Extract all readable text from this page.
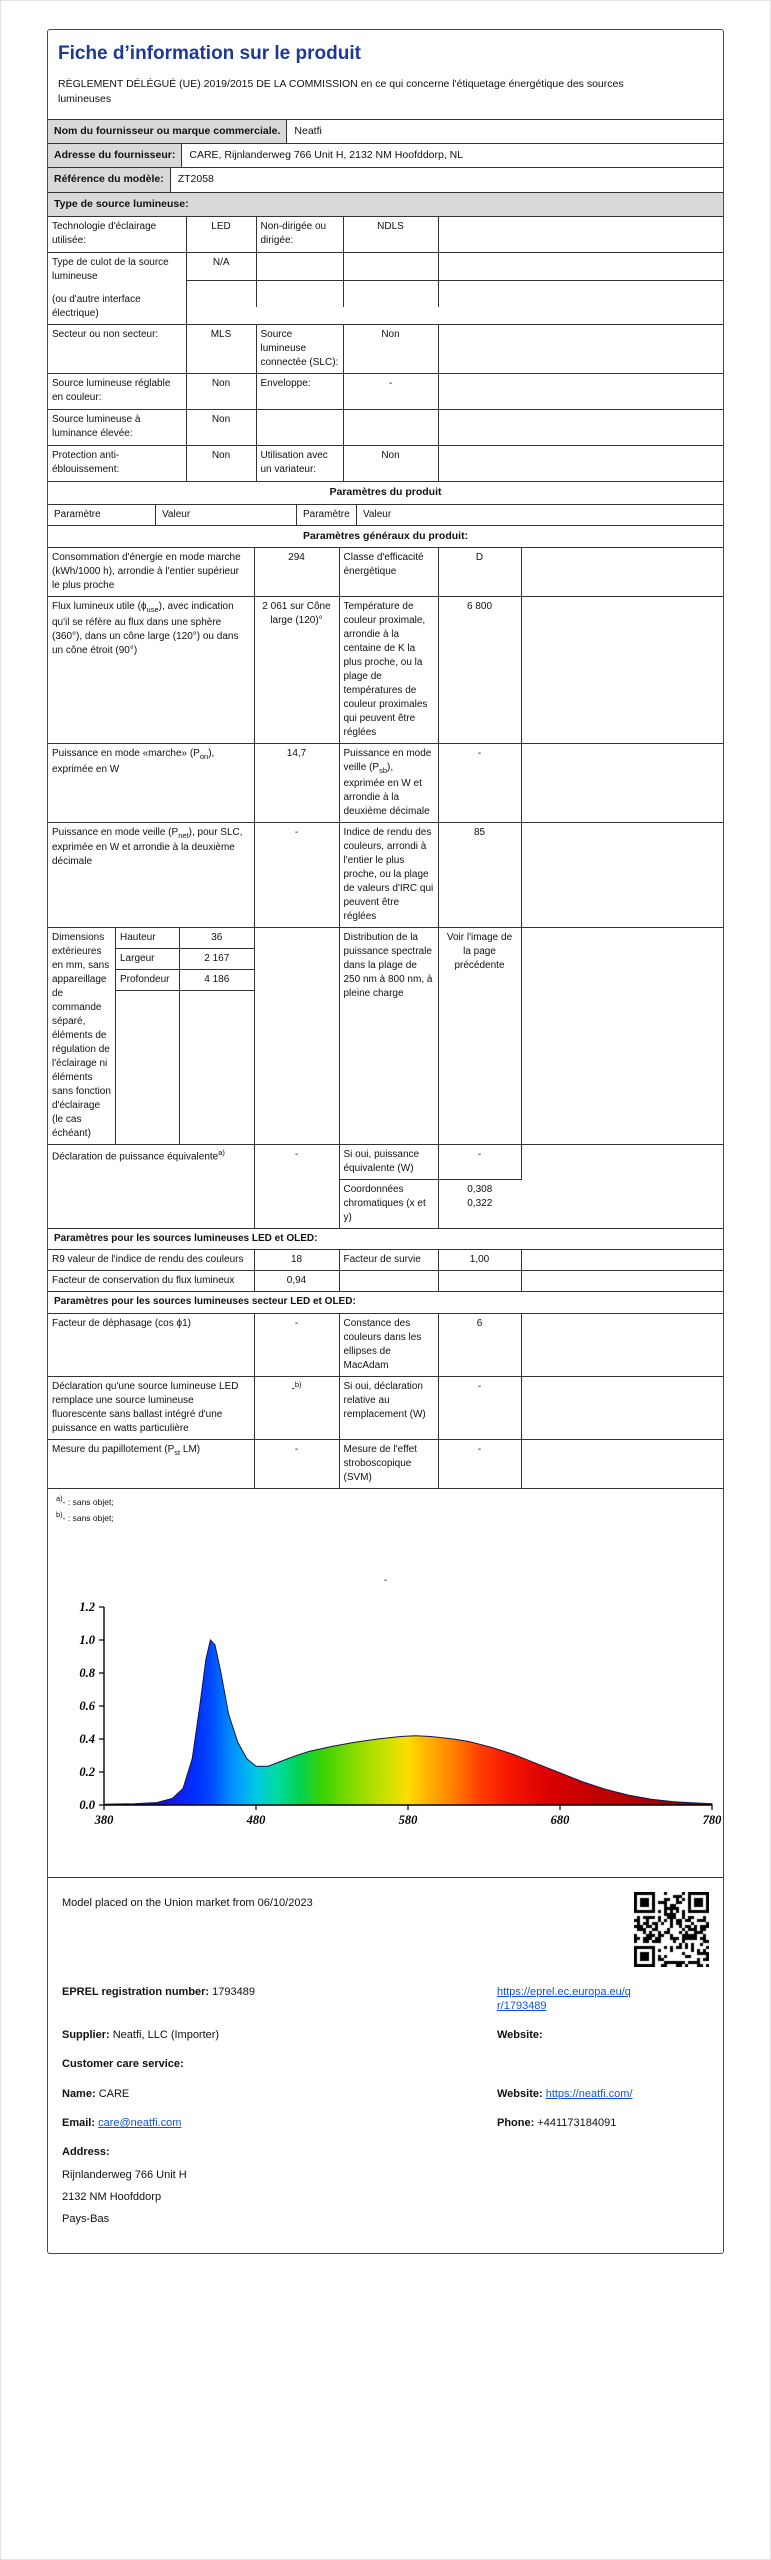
Fiche d’information sur le produit
RÈGLEMENT DÉLÉGUÉ (UE) 2019/2015 DE LA COMMISSION en ce qui concerne l'étiquetage énergétique des sources lumineuses
Nom du fournisseur ou marque commerciale.	Neatfi
Adresse du fournisseur:	CARE, Rijnlanderweg 766 Unit H, 2132 NM Hoofddorp, NL
Référence du modèle:	ZT2058
Type de source lumineuse:
Technologie d'éclairage utilisée:	LED	Non-dirigée ou dirigée:	NDLS	

Type de culot de la source lumineuse
(ou d'autre interface électrique)

N/A			

Secteur ou non secteur:	MLS	Source lumineuse connectée (SLC):	Non	
Source lumineuse réglable en couleur:	Non	Enveloppe:	-	
Source lumineuse à luminance élevée:	Non			
Protection anti-éblouissement:	Non	Utilisation avec un variateur:	Non	
Paramètres du produit
Paramètre	Valeur	Paramètre	Valeur
Paramètres généraux du produit:
Consommation d'énergie en mode marche (kWh/1000 h), arrondie à l'entier supérieur le plus proche	294	Classe d'efficacité énergétique	D	
Flux lumineux utile $(\phi_{use})$, avec indication qu'il se réfère au flux dans une sphère (360°), dans un cône large (120°) ou dans un cône étroit (90°)	2 061 sur Cône large (120)°	Température de couleur proximale, arrondie à la centaine de K la plus proche, ou la plage de températures de couleur proximales qui peuvent être réglées	6 800	
Puissance en mode «marche» $(P_{on})$, exprimée en W	14,7	Puissance en mode veille $(P_{sb})$, exprimée en W et arrondie à la deuxième décimale	-	
Puissance en mode veille $(P_{net})$, pour SLC, exprimée en W et arrondie à la deuxième décimale	-	Indice de rendu des couleurs, arrondi à l'entier le plus proche, ou la plage de valeurs d'IRC qui peuvent être réglées	85	

Dimensions extérieures en mm, sans appareillage de commande séparé, éléments de régulation de l'éclairage ni éléments sans fonction d'éclairage (le cas échéant)
Hauteur	36
Largeur	2 167
Profondeur	4 186
		Distribution de la puissance spectrale dans la plage de 250 nm à 800 nm, à pleine charge	Voir l'image de la page précédente	
Déclaration de puissance équivalente$^{a)}$	-	Si oui, puissance équivalente (W)	-	
		Coordonnées chromatiques (x et y)	0,308
0,322	
Paramètres pour les sources lumineuses LED et OLED:
R9 valeur de l'indice de rendu des couleurs	18	Facteur de survie	1,00	
Facteur de conservation du flux lumineux	0,94			
Paramètres pour les sources lumineuses secteur LED et OLED:
Facteur de déphasage (cos ϕ1)	-	Constance des couleurs dans les ellipses de MacAdam	6	
Déclaration qu'une source lumineuse LED remplace une source lumineuse fluorescente sans ballast intégré d'une puissance en watts particulière	-$^{b)}$	Si oui, déclaration relative au remplacement (W)	-	
Mesure du papillotement ($P_{st}$ LM)	-	Mesure de l'effet stroboscopique (SVM)	-	
$^{a)}$- : sans objet;
$^{b)}$- : sans objet;
-
0.0
0.2
0.4
0.6
0.8
1.0
1.2
380	480	580	680	780
Model placed on the Union market from 06/10/2023
EPREL registration number: 1793489	https://eprel.ec.europa.eu/qr/1793489
Supplier: Neatfi, LLC (Importer)	Website:
Customer care service:
Name: CARE	Website: https://neatfi.com/
Email: care@neatfi.com	Phone: +441173184091
Address:
Rijnlanderweg 766 Unit H
2132 NM Hoofddorp
Pays-Bas
